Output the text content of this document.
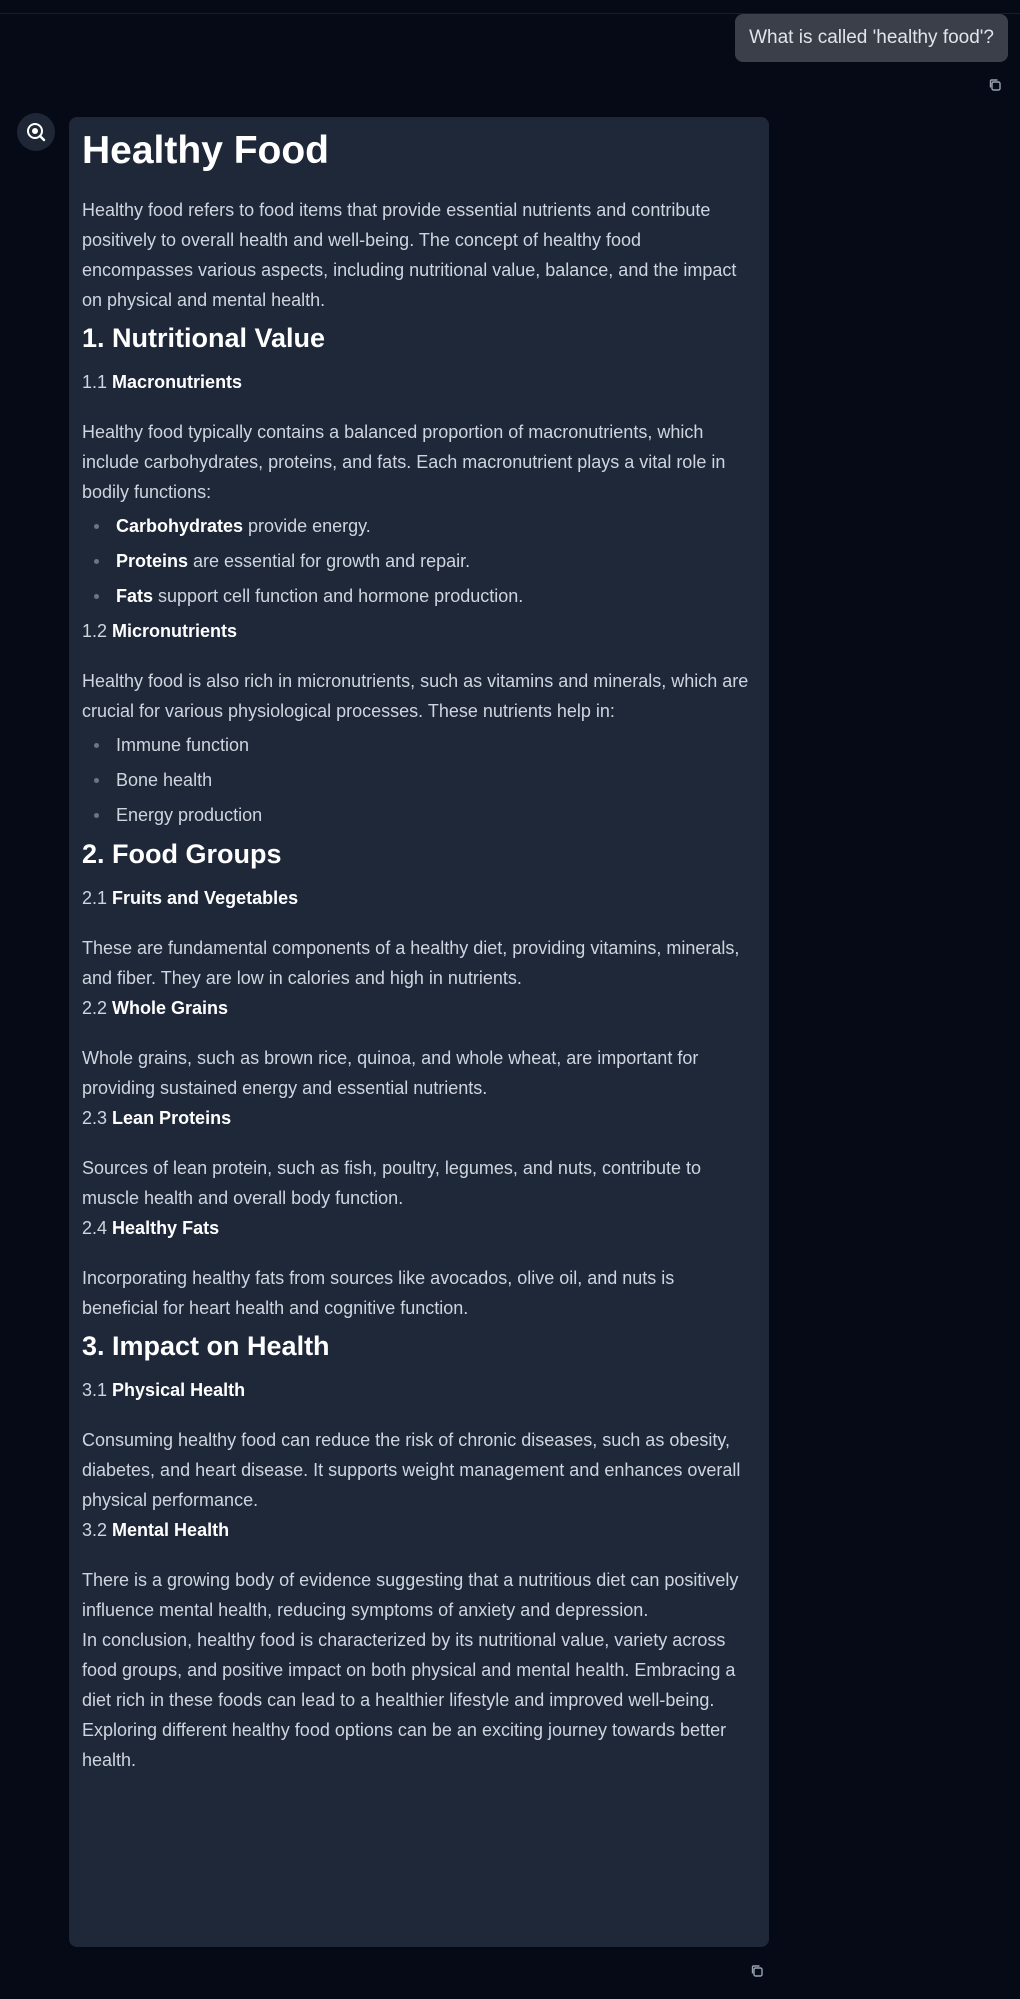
What is called 'healthy food'?
Healthy Food

Healthy food refers to food items that provide essential nutrients and contribute positively to overall health and well-being. The concept of healthy food encompasses various aspects, including nutritional value, balance, and the impact on physical and mental health.

1. Nutritional Value
1.1 Macronutrients

Healthy food typically contains a balanced proportion of macronutrients, which include carbohydrates, proteins, and fats. Each macronutrient plays a vital role in bodily functions:

Carbohydrates provide energy.
Proteins are essential for growth and repair.
Fats support cell function and hormone production.
1.2 Micronutrients

Healthy food is also rich in micronutrients, such as vitamins and minerals, which are crucial for various physiological processes. These nutrients help in:

Immune function
Bone health
Energy production
2. Food Groups
2.1 Fruits and Vegetables

These are fundamental components of a healthy diet, providing vitamins, minerals, and fiber. They are low in calories and high in nutrients.

2.2 Whole Grains

Whole grains, such as brown rice, quinoa, and whole wheat, are important for providing sustained energy and essential nutrients.

2.3 Lean Proteins

Sources of lean protein, such as fish, poultry, legumes, and nuts, contribute to muscle health and overall body function.

2.4 Healthy Fats

Incorporating healthy fats from sources like avocados, olive oil, and nuts is beneficial for heart health and cognitive function.

3. Impact on Health
3.1 Physical Health

Consuming healthy food can reduce the risk of chronic diseases, such as obesity, diabetes, and heart disease. It supports weight management and enhances overall physical performance.

3.2 Mental Health

There is a growing body of evidence suggesting that a nutritious diet can positively influence mental health, reducing symptoms of anxiety and depression.

In conclusion, healthy food is characterized by its nutritional value, variety across food groups, and positive impact on both physical and mental health. Embracing a diet rich in these foods can lead to a healthier lifestyle and improved well-being. Exploring different healthy food options can be an exciting journey towards better health.
